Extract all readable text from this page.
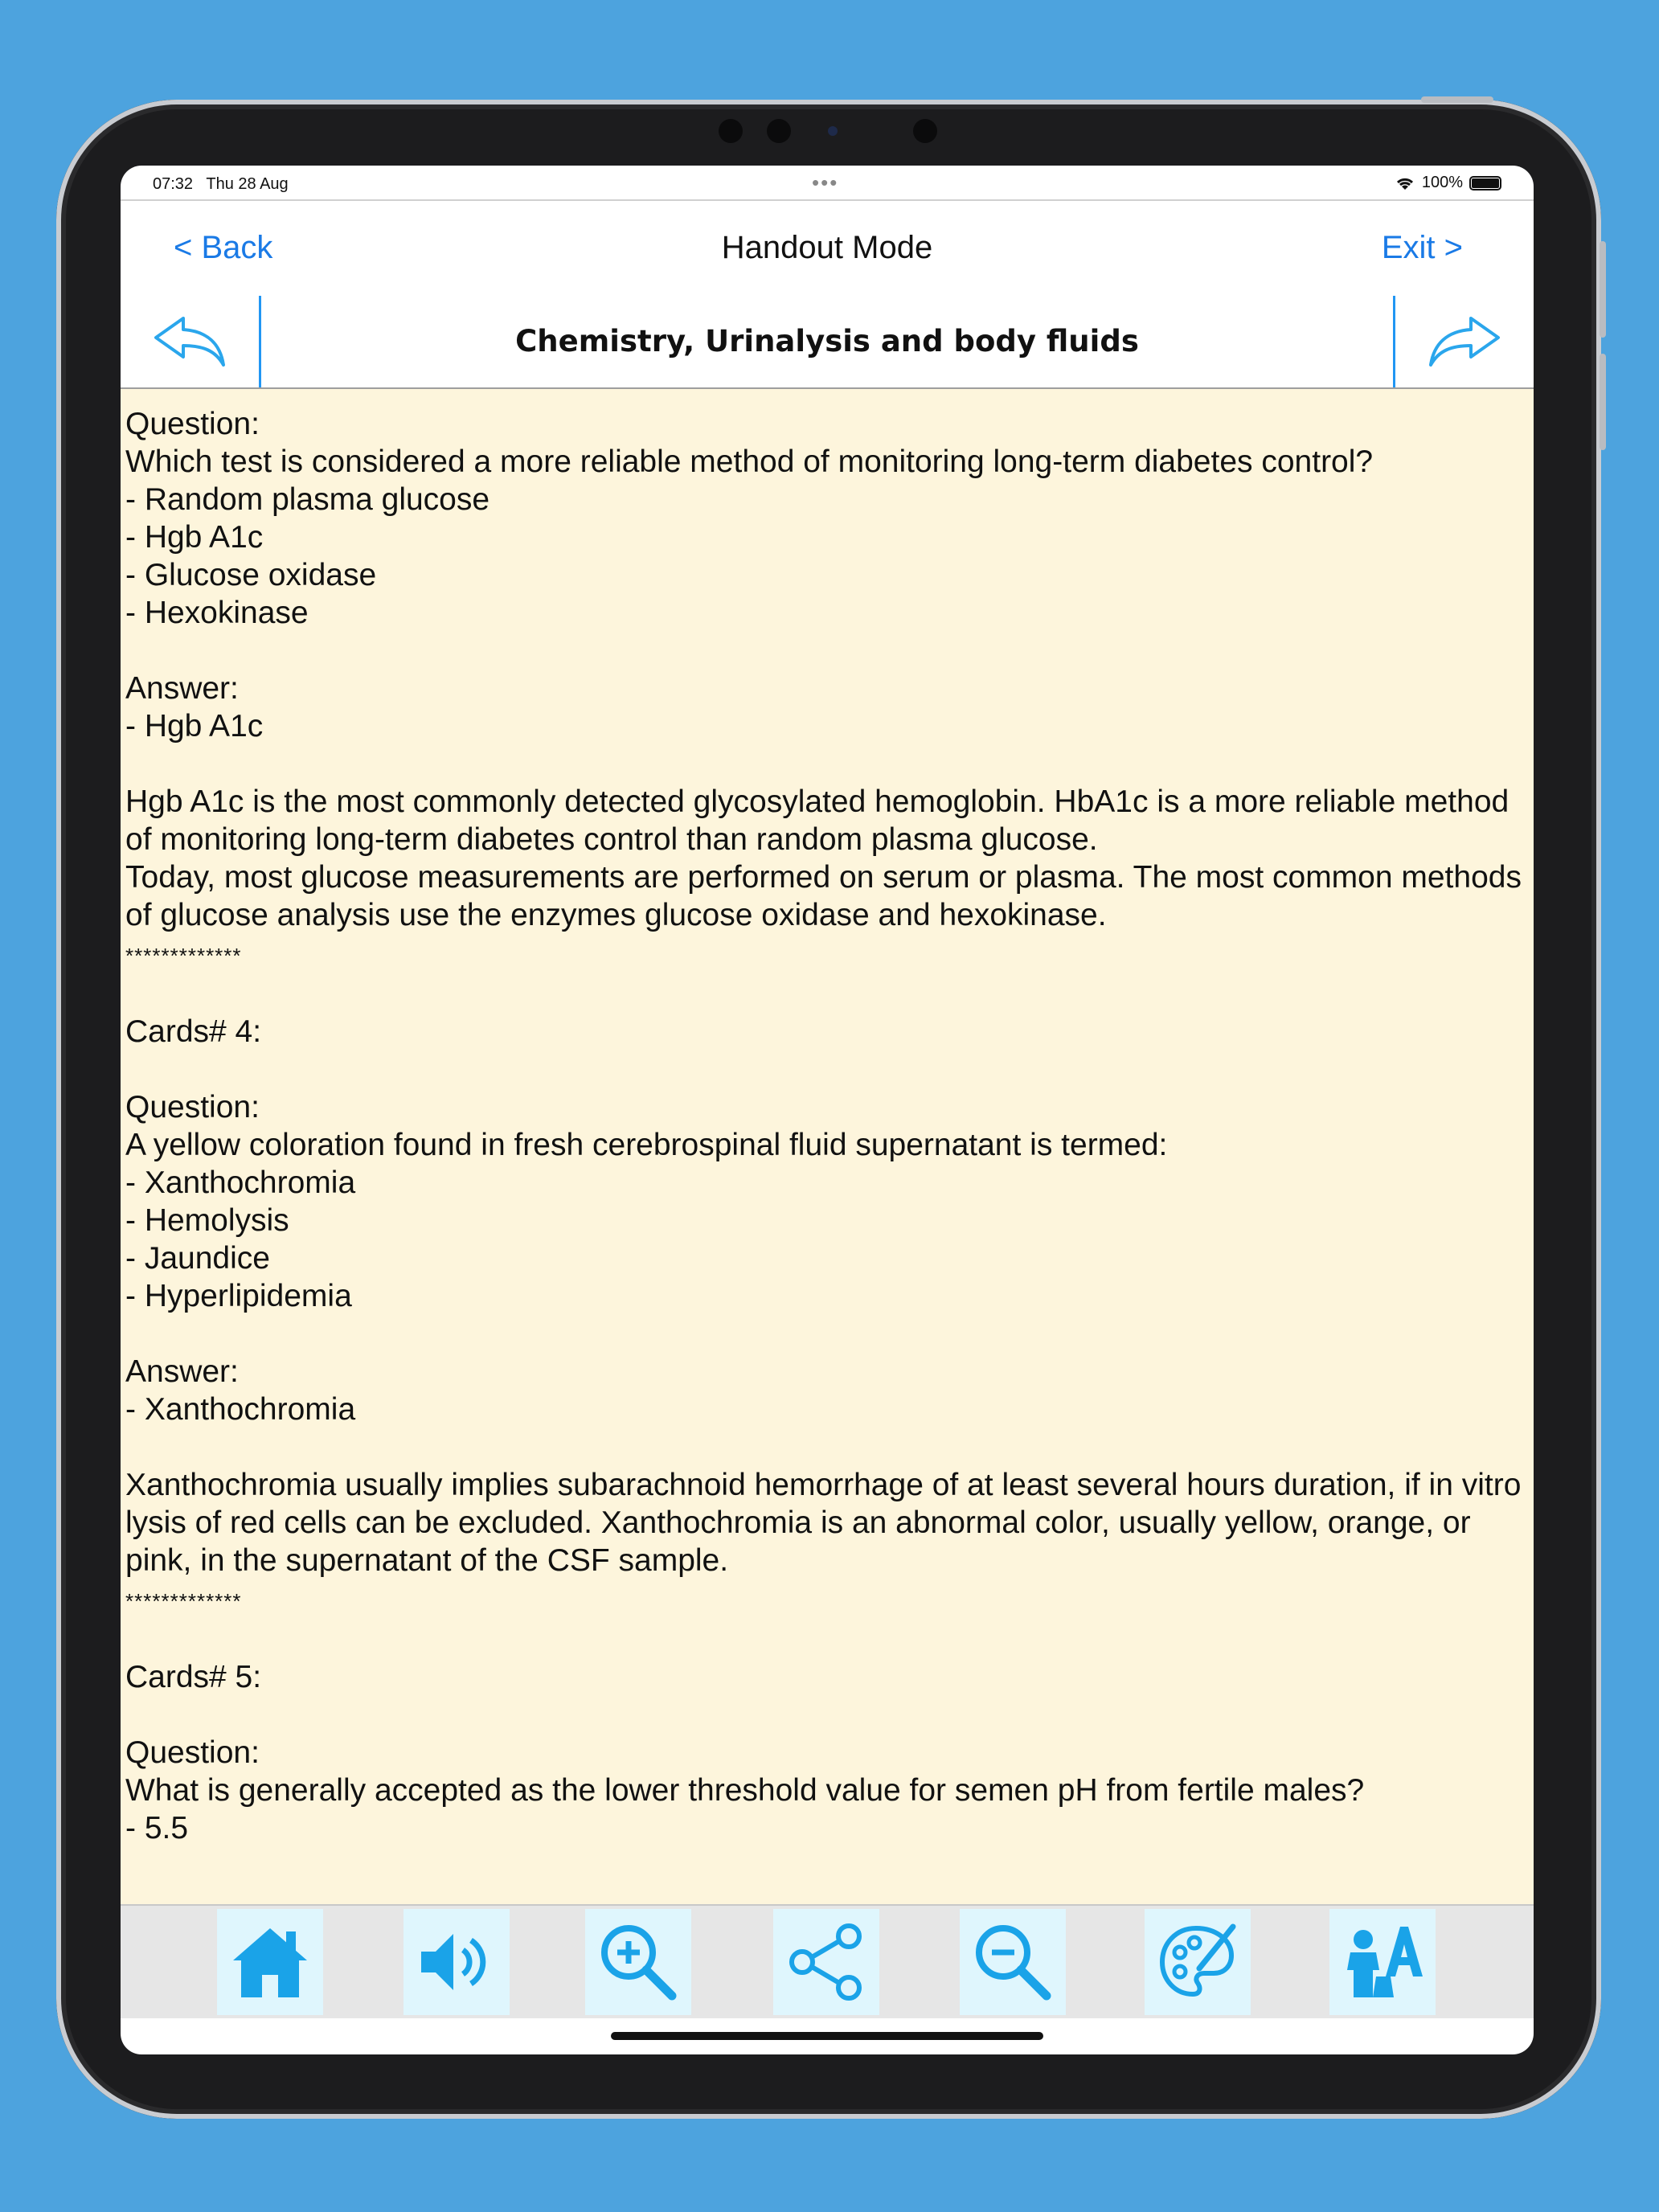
07:32 Thu 28 Aug	•••	100%
< Back	Handout Mode	Exit >
Chemistry, Urinalysis and body fluids
Question:
Which test is considered a more reliable method of monitoring long-term diabetes control?
- Random plasma glucose
- Hgb A1c
- Glucose oxidase
- Hexokinase

Answer:
- Hgb A1c

Hgb A1c is the most commonly detected glycosylated hemoglobin. HbA1c is a more reliable method of monitoring long-term diabetes control than random plasma glucose.
Today, most glucose measurements are performed on serum or plasma. The most common methods of glucose analysis use the enzymes glucose oxidase and hexokinase.
*************

Cards# 4:

Question:
A yellow coloration found in fresh cerebrospinal fluid supernatant is termed:
- Xanthochromia
- Hemolysis
- Jaundice
- Hyperlipidemia

Answer:
- Xanthochromia

Xanthochromia usually implies subarachnoid hemorrhage of at least several hours duration, if in vitro lysis of red cells can be excluded. Xanthochromia is an abnormal color, usually yellow, orange, or pink, in the supernatant of the CSF sample.
*************

Cards# 5:

Question:
What is generally accepted as the lower threshold value for semen pH from fertile males?
- 5.5
